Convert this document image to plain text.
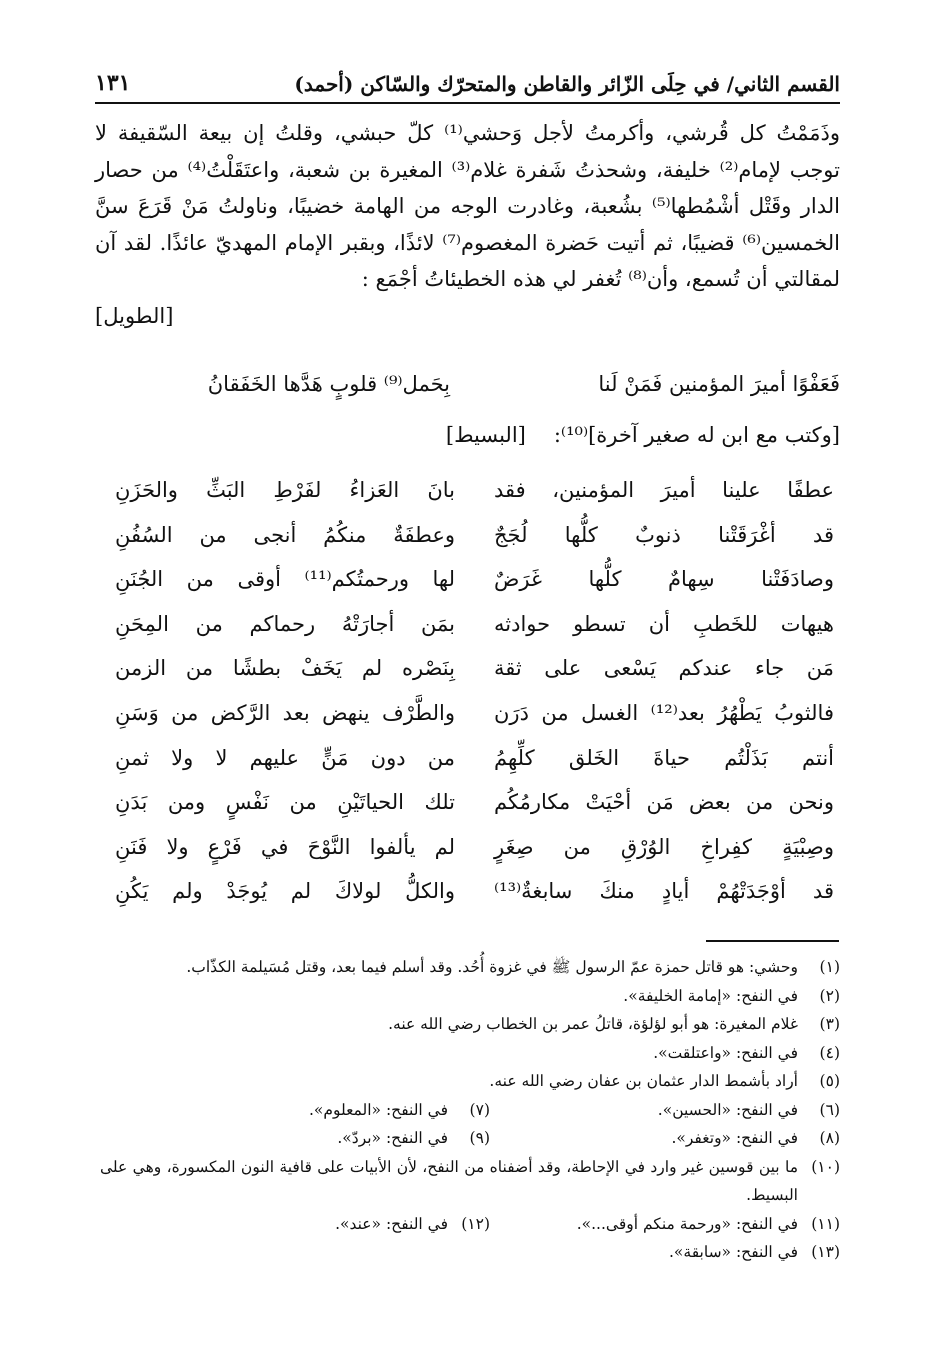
القسم الثاني/ في حِلَى الزّائر والقاطن والمتحرّك والسّاكن (أحمد)
١٣١

وذَمَمْتُ كل قُرشي، وأكرمتُ لأجل وَحشي⁽¹⁾ كلّ حبشي، وقلتُ إن بيعة السّقيفة لا توجب لإمام⁽²⁾ خليفة، وشحذتُ شَفرة غلام⁽³⁾ المغيرة بن شعبة، واعتَقَلْتُ⁽⁴⁾ من حصار الدار وقَتْل أشْمُطها⁽⁵⁾ بشُعبة، وغادرت الوجه من الهامة خضيبًا، وناولتُ مَنْ قَرَعَ سنَّ الخمسين⁽⁶⁾ قضيبًا، ثم أتيت حَضرة المغصوم⁽⁷⁾ لائذًا، وبقبر الإمام المهديّ عائذًا. لقد آن لمقالتي أن تُسمع، وأن⁽⁸⁾ تُغفر لي هذه الخطيئاتُ أجْمَع :

[الطويل]
فَعَفْوًا أميرَ المؤمنين فَمَنْ لَنا
بِحَمل⁽⁹⁾ قلوبٍ هَدَّها الخَفَقانُ
[وكتب مع ابن له صغير آخرة]⁽¹⁰⁾:[البسيط]
عطفًا علينا أميرَ المؤمنين، فقد
بانَ العَزاءُ لفَرْطِ البَثِّ والحَزَنِ
قد أغْرَقَتْنا ذنوبٌ كلُّها لُجَجٌ
وعطفَةٌ منكُمُ أنجى من السُفُنِ
وصادَفَتْنا سِهامٌ كلُّها غَرَضٌ
لها ورحمتُكم⁽¹¹⁾ أوقى من الجُنَنِ
هيهات للخَطبِ أن تسطو حوادثه
بمَن أجارَتْهُ رحماكم من المِحَنِ
مَن جاء عندكم يَسْعى على ثقة
بِنَصْره لم يَخَفْ بطشًا من الزمن
فالثوبُ يَطْهُرُ بعد⁽¹²⁾ الغسل من دَرَن
والطَّرْف ينهض بعد الرَّكض من وَسَنِ
أنتم بَذَلْتُم حياةَ الخَلق كلِّهِمُ
من دون مَنٍّ عليهم لا ولا ثمنِ
ونحن من بعض مَن أحْيَتْ مكارمُكُم
تلك الحياتَيْنِ من نَفْسٍ ومن بَدَنِ
وصِبْيَةٍ كفِراخِ الوُرْقِ من صِغَرٍ
لم يألفوا النَّوْحَ في فَرْعٍ ولا فَنَنِ
قد أوْجَدَتْهُمْ أيادٍ منكَ سابغةٌ⁽¹³⁾
والكلُّ لولاكَ لم يُوجَدْ ولم يَكُنِ
(١)
وحشي: هو قاتل حمزة عمّ الرسول ﷺ في غزوة أُحُد. وقد أسلم فيما بعد، وقتل مُسَيلمة الكذّاب.
(٢)
في النفح: «إمامة الخليفة».
(٣)
غلام المغيرة: هو أبو لؤلؤة، قاتلُ عمر بن الخطاب رضي الله عنه.
(٤)
في النفح: «واعتلقت».
(٥)
أراد بأشمط الدار عثمان بن عفان رضي الله عنه.
(٦)
في النفح: «الحسين».
(٧)
في النفح: «المعلوم».
(٨)
في النفح: «وتغفر».
(٩)
في النفح: «بردّ».
(١٠)
ما بين قوسين غير وارد في الإحاطة، وقد أضفناه من النفح، لأن الأبيات على قافية النون المكسورة، وهي على البسيط.
(١١)
في النفح: «ورحمة منكم أوقى...».
(١٢)
في النفح: «عند».
(١٣)
في النفح: «سابقة».
